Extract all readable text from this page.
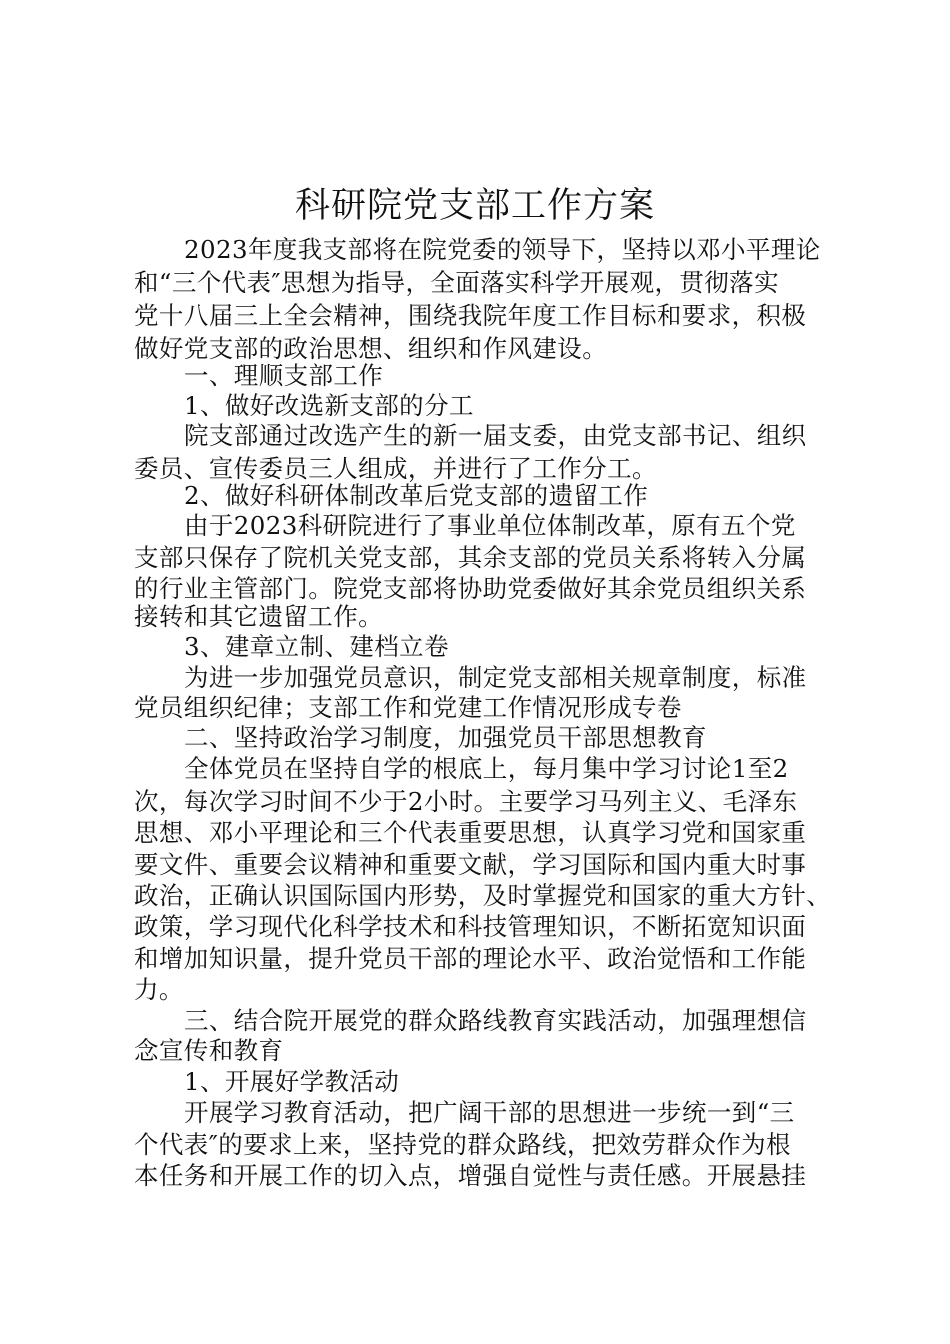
科研院党支部工作方案

2023年度我支部将在院党委的领导下，坚持以邓小平理论

和“三个代表″思想为指导，全面落实科学开展观，贯彻落实

党十八届三上全会精神，围绕我院年度工作目标和要求，积极

做好党支部的政治思想、组织和作风建设。

一、理顺支部工作

1、做好改选新支部的分工

院支部通过改选产生的新一届支委，由党支部书记、组织

委员、宣传委员三人组成，并进行了工作分工。

2、做好科研体制改革后党支部的遗留工作

由于2023科研院进行了事业单位体制改革，原有五个党

支部只保存了院机关党支部，其余支部的党员关系将转入分属

的行业主管部门。院党支部将协助党委做好其余党员组织关系

接转和其它遗留工作。

3、建章立制、建档立卷

为进一步加强党员意识，制定党支部相关规章制度，标准

党员组织纪律；支部工作和党建工作情况形成专卷

二、坚持政治学习制度，加强党员干部思想教育

全体党员在坚持自学的根底上，每月集中学习讨论1至2

次，每次学习时间不少于2小时。主要学习马列主义、毛泽东

思想、邓小平理论和三个代表重要思想，认真学习党和国家重

要文件、重要会议精神和重要文献，学习国际和国内重大时事

政治，正确认识国际国内形势，及时掌握党和国家的重大方针、

政策，学习现代化科学技术和科技管理知识，不断拓宽知识面

和增加知识量，提升党员干部的理论水平、政治觉悟和工作能

力。

三、结合院开展党的群众路线教育实践活动，加强理想信

念宣传和教育

1、开展好学教活动

开展学习教育活动，把广阔干部的思想进一步统一到“三

个代表″的要求上来，坚持党的群众路线，把效劳群众作为根

本任务和开展工作的切入点，增强自觉性与责任感。开展悬挂
